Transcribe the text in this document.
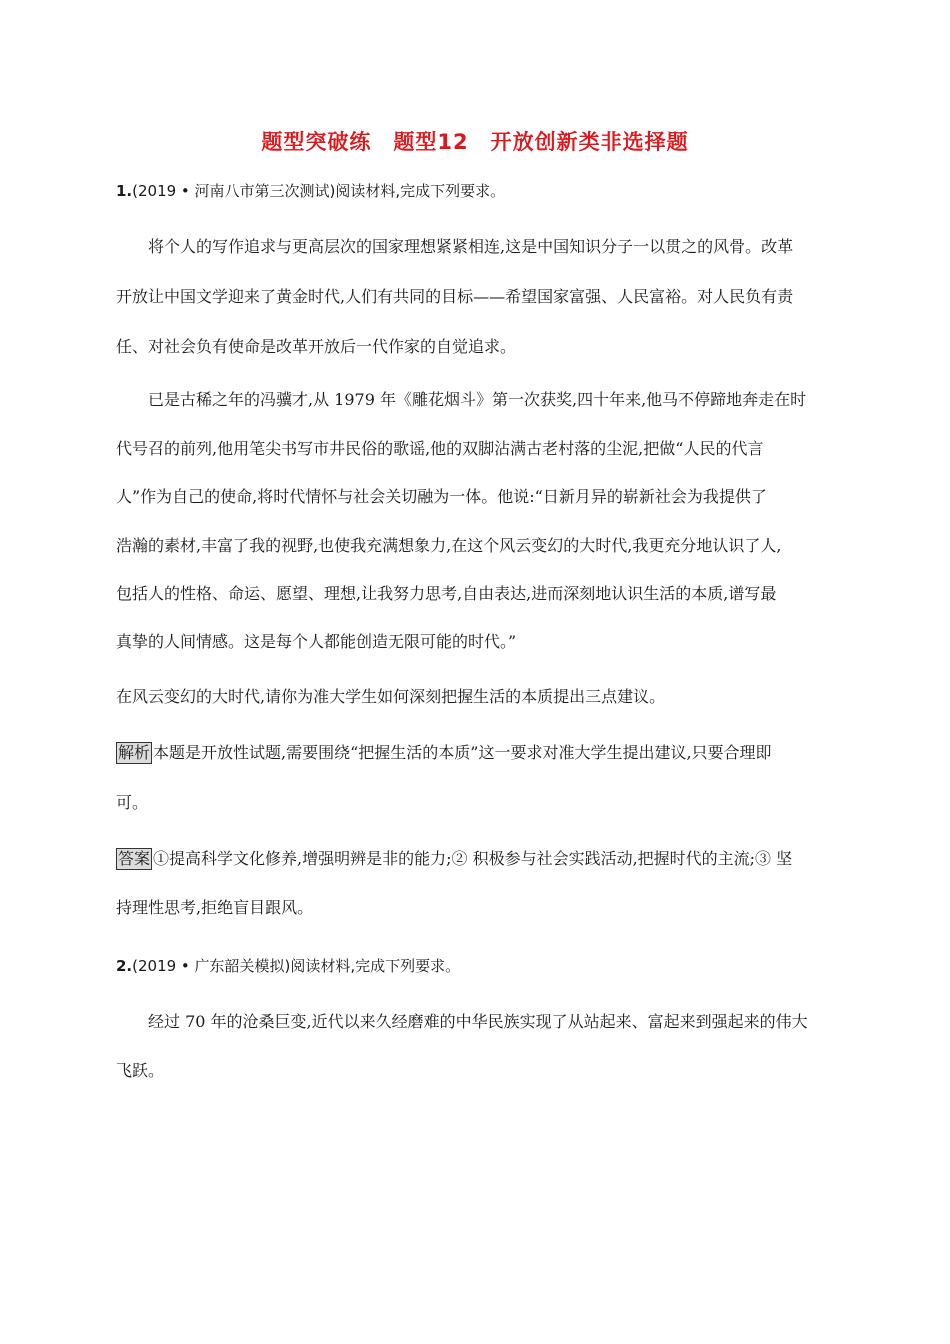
题型突破练　题型12　开放创新类非选择题
1.(2019 • 河南八市第三次测试)阅读材料,完成下列要求。
将个人的写作追求与更高层次的国家理想紧紧相连,这是中国知识分子一以贯之的风骨。改革
开放让中国文学迎来了黄金时代,人们有共同的目标——希望国家富强、人民富裕。对人民负有责
任、对社会负有使命是改革开放后一代作家的自觉追求。
已是古稀之年的冯骥才,从 1979 年《雕花烟斗》第一次获奖,四十年来,他马不停蹄地奔走在时
代号召的前列,他用笔尖书写市井民俗的歌谣,他的双脚沾满古老村落的尘泥,把做“人民的代言
人”作为自己的使命,将时代情怀与社会关切融为一体。他说:“日新月异的崭新社会为我提供了
浩瀚的素材,丰富了我的视野,也使我充满想象力,在这个风云变幻的大时代,我更充分地认识了人,
包括人的性格、命运、愿望、理想,让我努力思考,自由表达,进而深刻地认识生活的本质,谱写最
真挚的人间情感。这是每个人都能创造无限可能的时代。”
在风云变幻的大时代,请你为准大学生如何深刻把握生活的本质提出三点建议。
解析 本题是开放性试题,需要围绕“把握生活的本质”这一要求对准大学生提出建议,只要合理即
可。
答案 ①提高科学文化修养,增强明辨是非的能力;② 积极参与社会实践活动,把握时代的主流;③ 坚
持理性思考,拒绝盲目跟风。
2.(2019 • 广东韶关模拟)阅读材料,完成下列要求。
经过 70 年的沧桑巨变,近代以来久经磨难的中华民族实现了从站起来、富起来到强起来的伟大
飞跃。
